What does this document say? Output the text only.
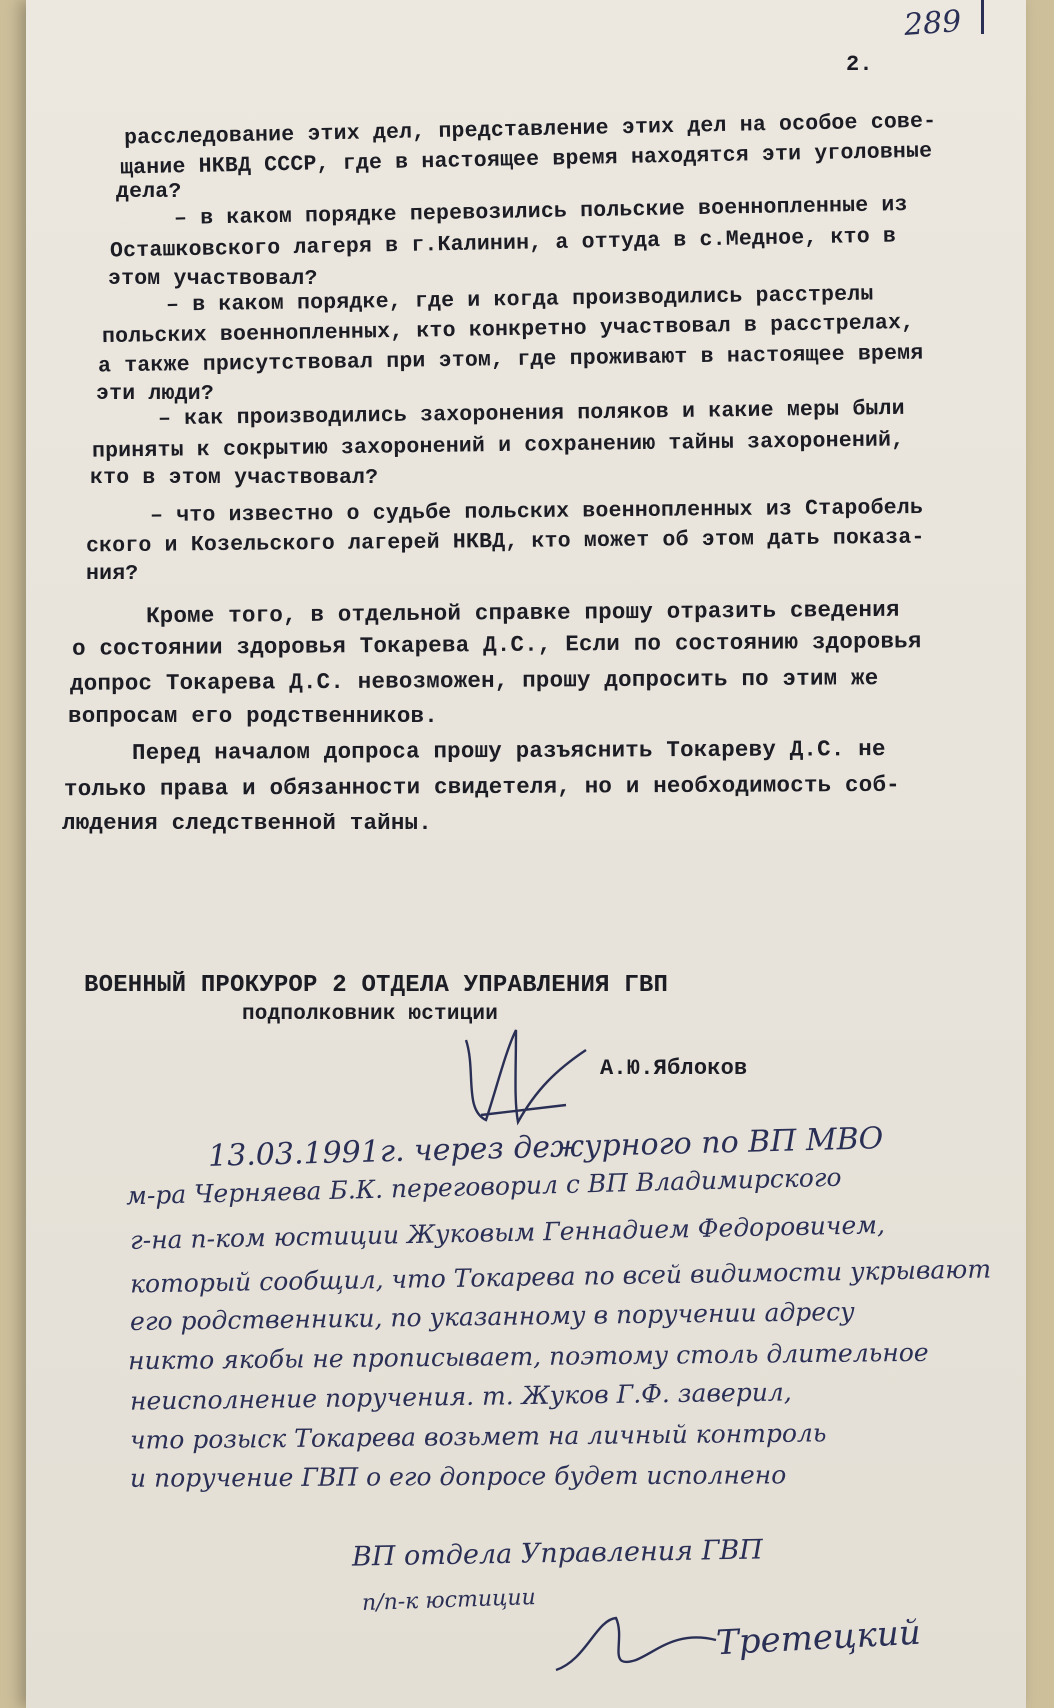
289
2.
расследование этих дел, представление этих дел на особое сове-
щание НКВД СССР, где в настоящее время находятся эти уголовные
дела?
– в каком порядке перевозились польские военнопленные из
Осташковского лагеря в г.Калинин, а оттуда в с.Медное, кто в
этом участвовал?
– в каком порядке, где и когда производились расстрелы
польских военнопленных, кто конкретно участвовал в расстрелах,
а также присутствовал при этом, где проживают в настоящее время
эти люди?
– как производились захоронения поляков и какие меры были
приняты к сокрытию захоронений и сохранению тайны захоронений,
кто в этом участвовал?
– что известно о судьбе польских военнопленных из Старобель
ского и Козельского лагерей НКВД, кто может об этом дать показа-
ния?
Кроме того, в отдельной справке прошу отразить сведения
о состоянии здоровья Токарева Д.С., Если по состоянию здоровья
допрос Токарева Д.С. невозможен, прошу допросить по этим же
вопросам его родственников.
Перед началом допроса прошу разъяснить Токареву Д.С. не
только права и обязанности свидетеля, но и необходимость соб-
людения следственной тайны.
ВОЕННЫЙ ПРОКУРОР 2 ОТДЕЛА УПРАВЛЕНИЯ ГВП
подполковник юстиции
А.Ю.Яблоков
13.03.1991г. через дежурного по ВП МВО
м-ра Черняева Б.К. переговорил с ВП Владимирского
г-на п-ком юстиции Жуковым Геннадием Федоровичем,
который сообщил, что Токарева по всей видимости укрывают
его родственники, по указанному в поручении адресу
никто якобы не прописывает, поэтому столь длительное
неисполнение поручения. т. Жуков Г.Ф. заверил,
что розыск Токарева возьмет на личный контроль
и поручение ГВП о его допросе будет исполнено
ВП отдела Управления ГВП
п/п-к юстиции
Третецкий
